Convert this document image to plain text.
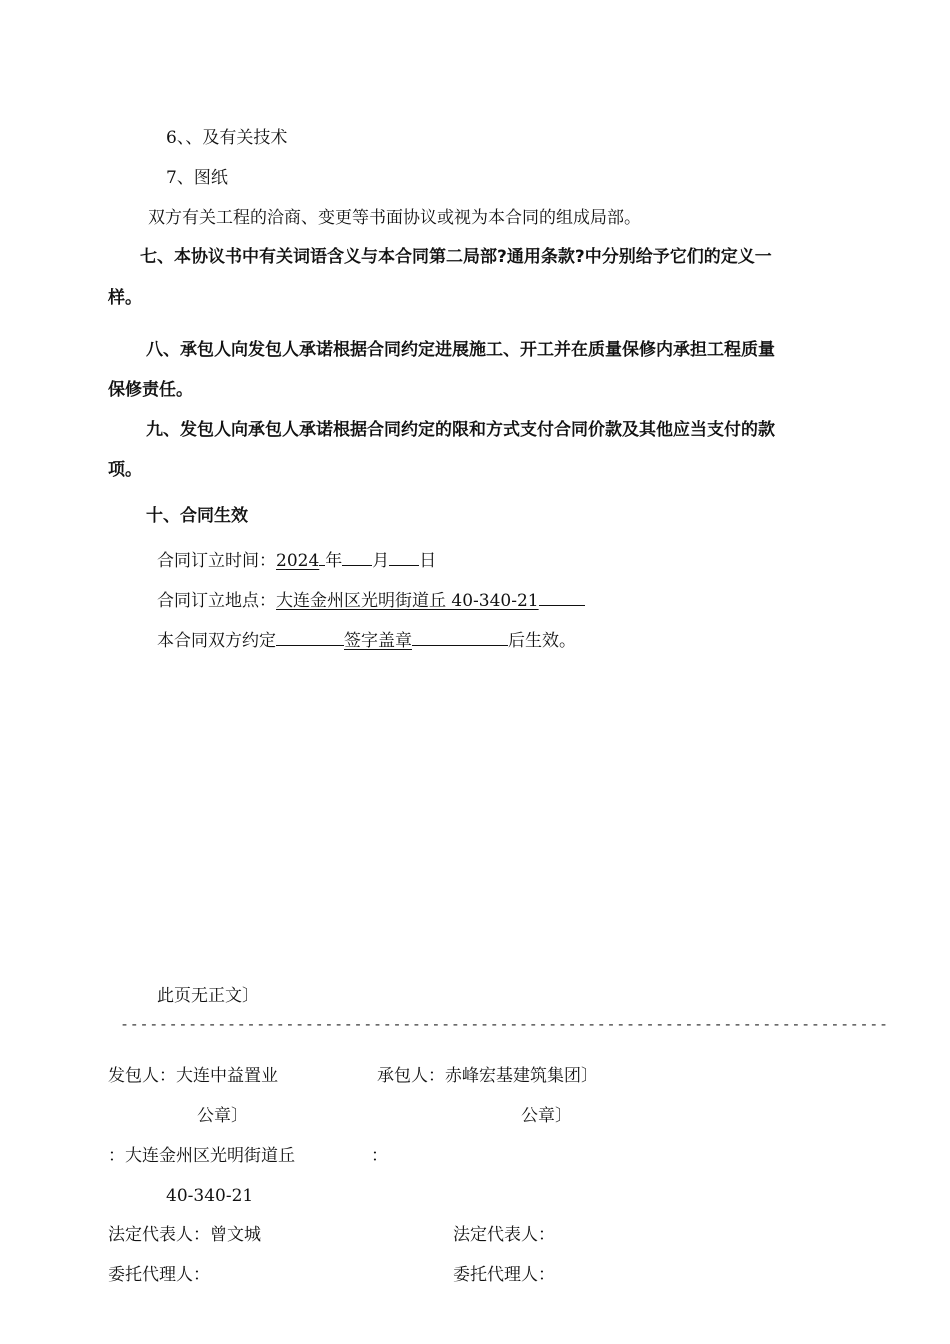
6、、及有关技术
7、图纸
双方有关工程的洽商、变更等书面协议或视为本合同的组成局部。
七、本协议书中有关词语含义与本合同第二局部?通用条款?中分别给予它们的定义一
样。
八、承包人向发包人承诺根据合同约定进展施工、开工并在质量保修内承担工程质量
保修责任。
九、发包人向承包人承诺根据合同约定的限和方式支付合同价款及其他应当支付的款
项。
十、合同生效
合同订立时间：2024 年 月 日
合同订立地点：大连金州区光明街道丘 40-340-21
本合同双方约定	签字盖章	后生效。
此页无正文〕
-------------------------------------------------------------------------------
发包人：大连中益置业	承包人：赤峰宏基建筑集团〕
公章〕	公章〕
：大连金州区光明街道丘	：
40-340-21
法定代表人：曾文城	法定代表人：
委托代理人：	委托代理人：
